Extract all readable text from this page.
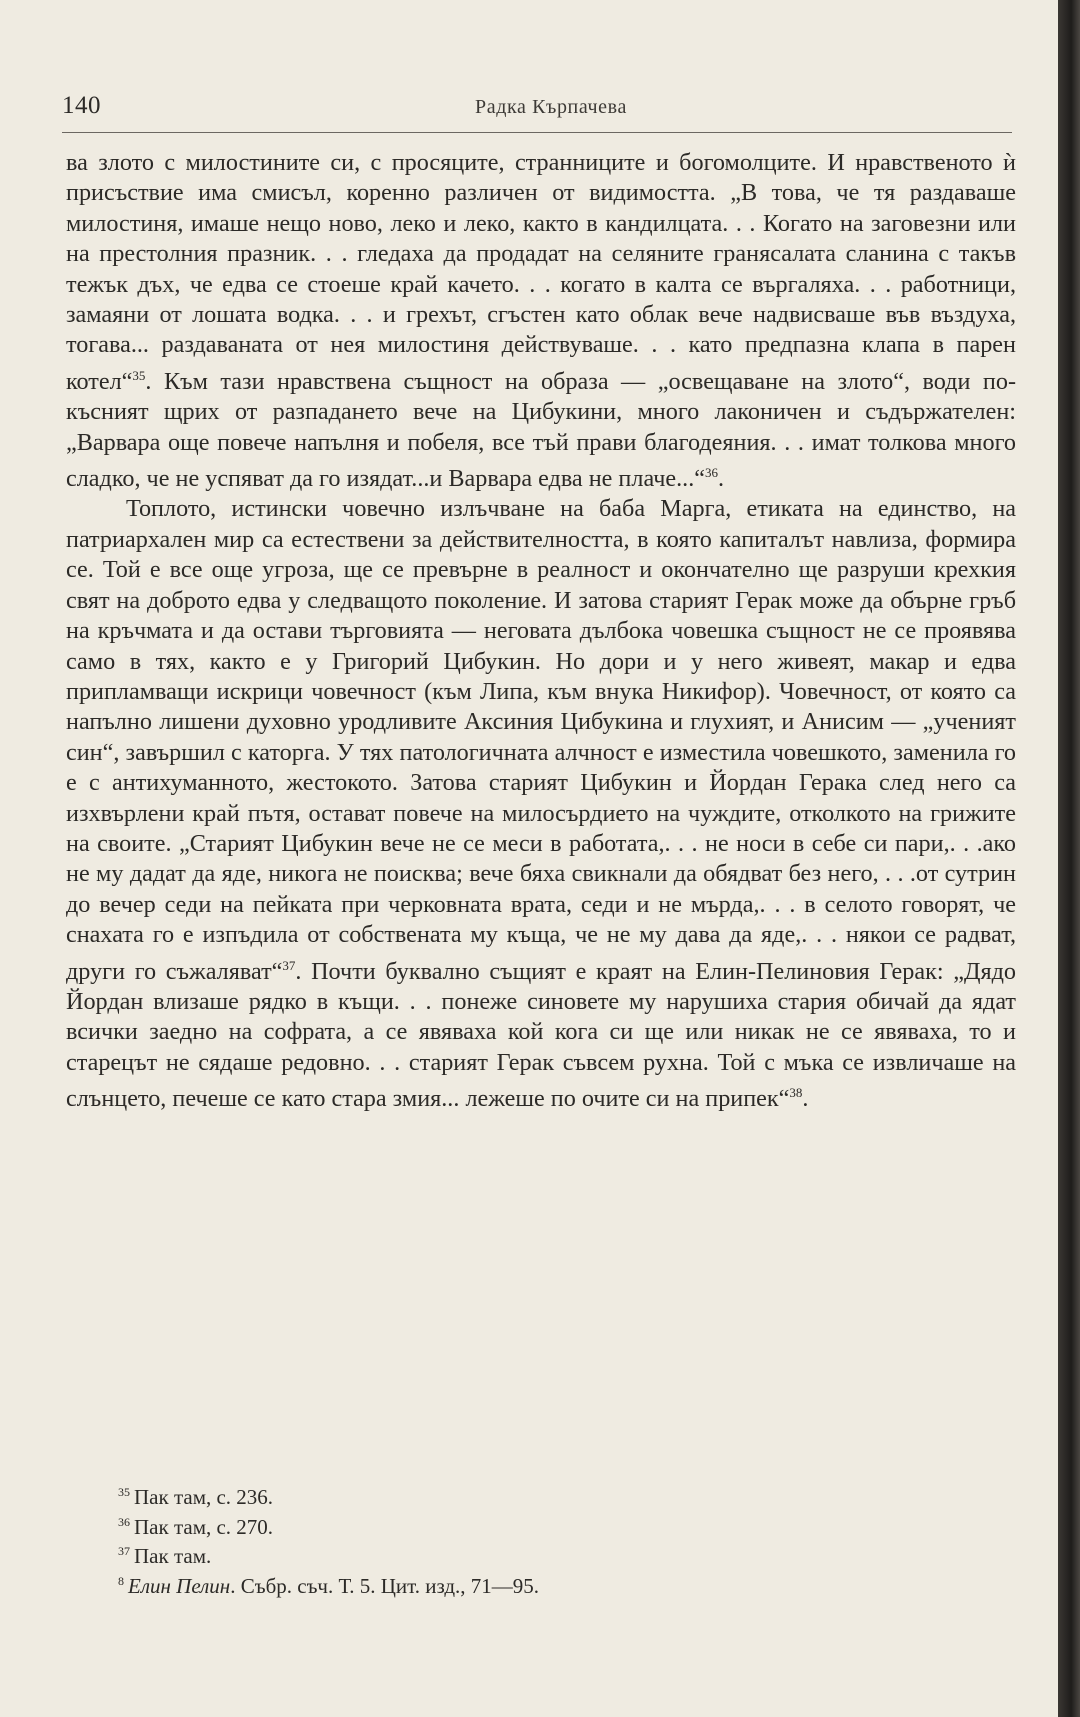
140	Радка Кърпачева

ва злото с милостините си, с просяците, странниците и богомолците. И нравственото ѝ присъствие има смисъл, коренно различен от видимостта. „В това, че тя раздаваше милостиня, имаше нещо ново, леко и леко, както в кандилцата. . . Когато на заговезни или на престолния празник. . . гледаха да продадат на селяните гранясалата сланина с такъв тежък дъх, че едва се стоеше край качето. . . когато в калта се въргаляха. . . работници, замаяни от лошата водка. . . и грехът, сгъстен като облак вече надвисваше във въздуха, тогава... раздаваната от нея милостиня действуваше. . . като предпазна клапа в парен котел“$^{35}$. Към тази нравствена същност на образа — „освещаване на злото“, води по-късният щрих от разпадането вече на Цибукини, много лаконичен и съдържателен: „Варвара още повече напълня и побеля, все тъй прави благодеяния. . . имат толкова много сладко, че не успяват да го изядат...и Варвара едва не плаче...“$^{36}$.

Топлото, истински човечно излъчване на баба Марга, етиката на единство, на патриархален мир са естествени за действителността, в която капиталът навлиза, формира се. Той е все още угроза, ще се превърне в реалност и окончателно ще разруши крехкия свят на доброто едва у следващото поколение. И затова старият Герак може да обърне гръб на кръчмата и да остави търговията — неговата дълбока човешка същност не се проявява само в тях, както е у Григорий Цибукин. Но дори и у него живеят, макар и едва припламващи искрици човечност (към Липа, към внука Никифор). Човечност, от която са напълно лишени духовно уродливите Аксиния Цибукина и глухият, и Анисим — „ученият син“, завършил с каторга. У тях патологичната алчност е изместила човешкото, заменила го е с антихуманното, жестокото. Затова старият Цибукин и Йордан Герака след него са изхвърлени край пътя, остават повече на милосърдието на чуждите, отколкото на грижите на своите. „Старият Цибукин вече не се меси в работата,. . . не носи в себе си пари,. . .ако не му дадат да яде, никога не поисква; вече бяха свикнали да обядват без него, . . .от сутрин до вечер седи на пейката при черковната врата, седи и не мърда,. . . в селото говорят, че снахата го е изпъдила от собствената му къща, че не му дава да яде,. . . някои се радват, други го съжаляват“$^{37}$. Почти буквално същият е краят на Елин-Пелиновия Герак: „Дядо Йордан влизаше рядко в къщи. . . понеже синовете му нарушиха стария обичай да ядат всички заедно на софрата, а се явяваха кой кога си ще или никак не се явяваха, то и старецът не сядаше редовно. . . старият Герак съвсем рухна. Той с мъка се извличаше на слънцето, печеше се като стара змия... лежеше по очите си на припек“$^{38}$.

$^{35}$ Пак там, с. 236.

$^{36}$ Пак там, с. 270.

$^{37}$ Пак там.

$^8$ Елин Пелин. Събр. съч. Т. 5. Цит. изд., 71—95.
